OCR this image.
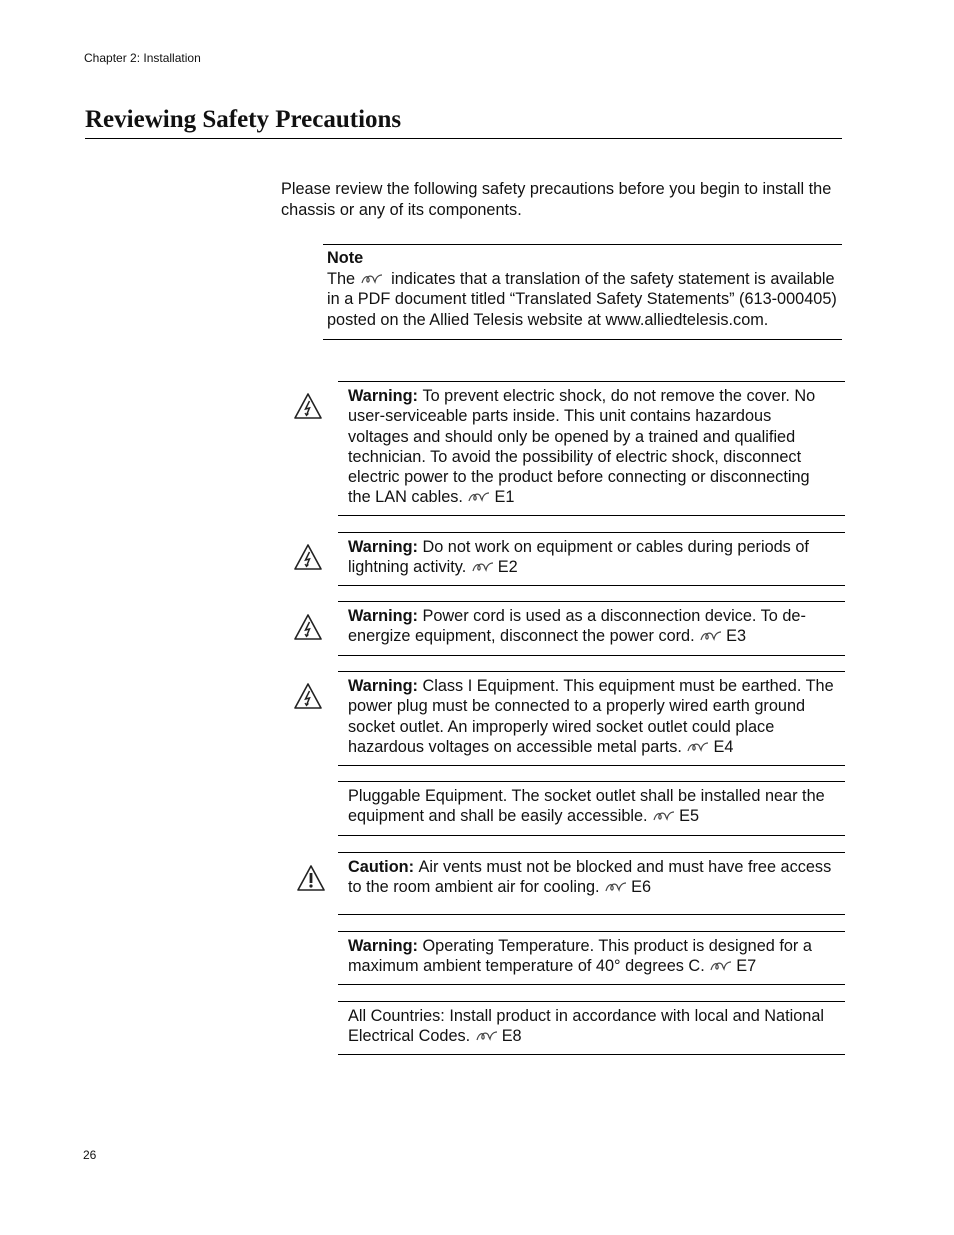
Chapter 2: Installation
Reviewing Safety Precautions
Please review the following safety precautions before you begin to install the chassis or any of its components.
Note
The indicates that a translation of the safety statement is available in a PDF document titled “Translated Safety Statements” (613-000405) posted on the Allied Telesis website at www.alliedtelesis.com.
Warning: To prevent electric shock, do not remove the cover. No user-serviceable parts inside. This unit contains hazardous voltages and should only be opened by a trained and qualified technician. To avoid the possibility of electric shock, disconnect electric power to the product before connecting or disconnecting the LAN cables. E1
Warning: Do not work on equipment or cables during periods of lightning activity. E2
Warning: Power cord is used as a disconnection device. To de-energize equipment, disconnect the power cord. E3
Warning: Class I Equipment. This equipment must be earthed. The power plug must be connected to a properly wired earth ground socket outlet. An improperly wired socket outlet could place hazardous voltages on accessible metal parts. E4
Pluggable Equipment. The socket outlet shall be installed near the equipment and shall be easily accessible. E5
Caution: Air vents must not be blocked and must have free access to the room ambient air for cooling. E6
Warning: Operating Temperature. This product is designed for a maximum ambient temperature of 40° degrees C. E7
All Countries: Install product in accordance with local and National Electrical Codes. E8
26
